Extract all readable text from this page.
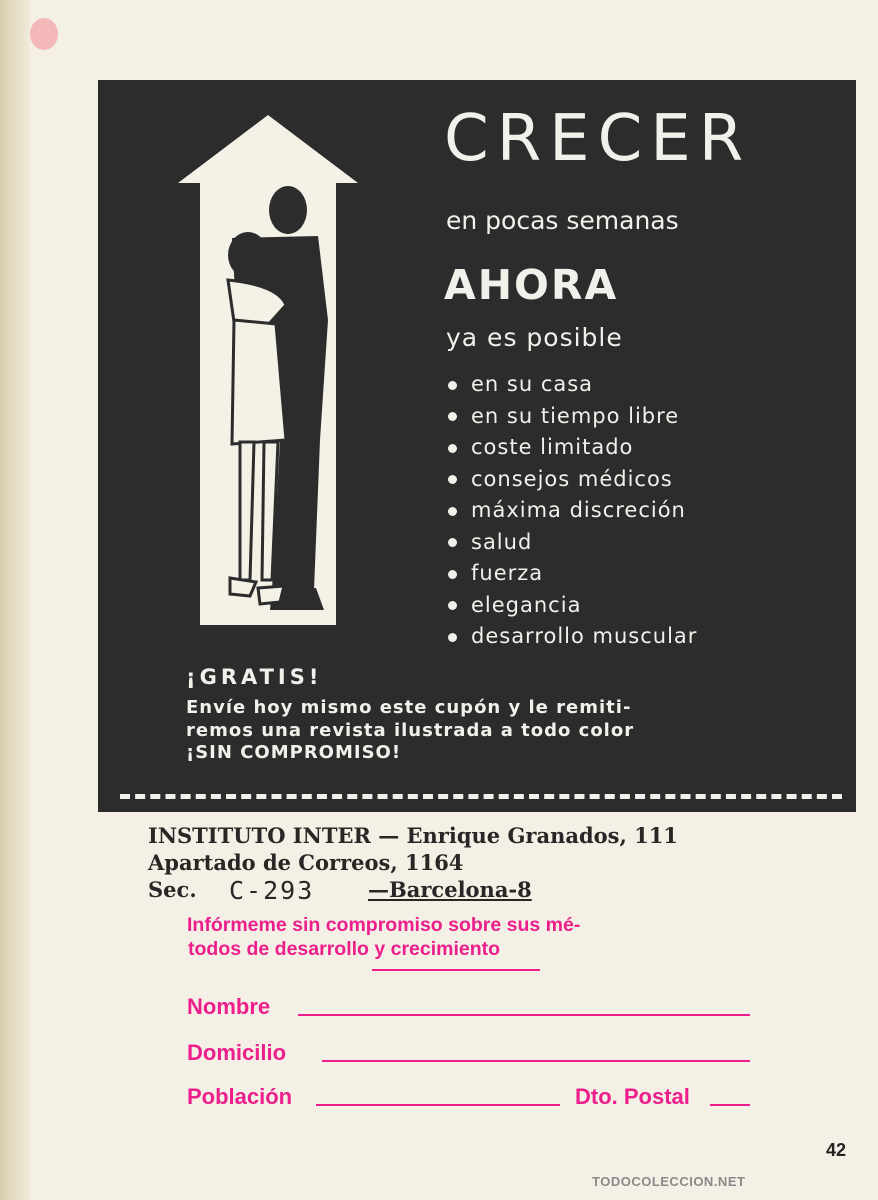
CRECER
en pocas semanas
AHORA
ya es posible
en su casa
en su tiempo libre
coste limitado
consejos médicos
máxima discreción
salud
fuerza
elegancia
desarrollo muscular
¡GRATIS!
Envíe hoy mismo este cupón y le remiti-
remos una revista ilustrada a todo color
¡SIN COMPROMISO!
INSTITUTO INTER — Enrique Granados, 111
Apartado de Correos, 1164
Sec. C-293	—Barcelona-8
Infórmeme sin compromiso sobre sus mé-
todos de desarrollo y crecimiento
Nombre
Domicilio
Población	Dto. Postal
42
TODOCOLECCION.NET
